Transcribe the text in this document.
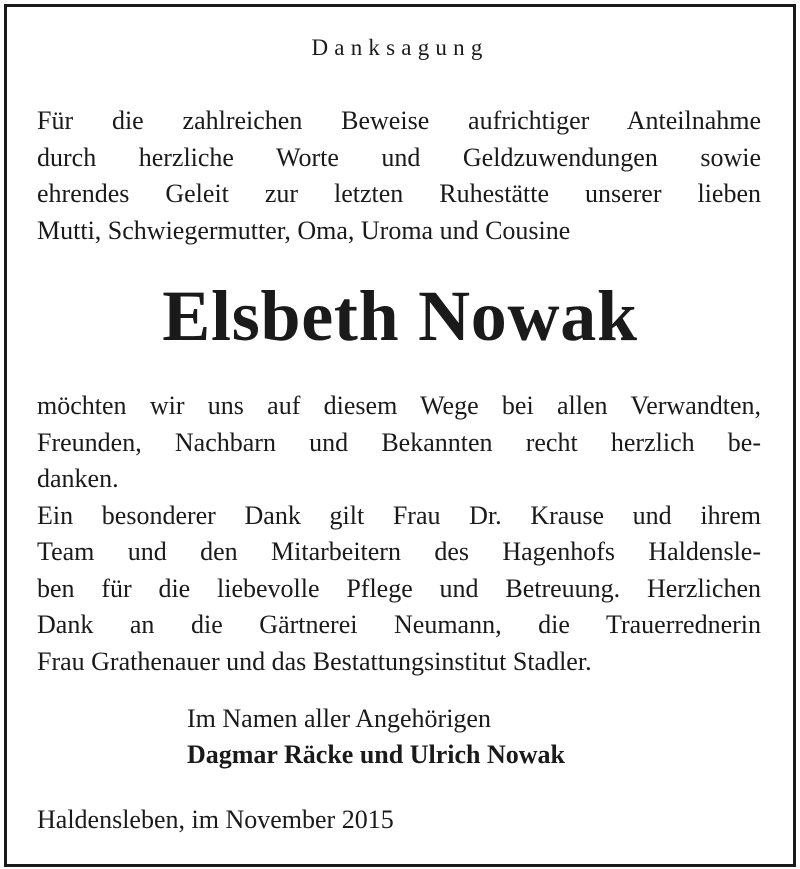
Danksagung
Für die zahlreichen Beweise aufrichtiger Anteilnahme
durch herzliche Worte und Geldzuwendungen sowie
ehrendes Geleit zur letzten Ruhestätte unserer lieben
Mutti, Schwiegermutter, Oma, Uroma und Cousine
Elsbeth Nowak
möchten wir uns auf diesem Wege bei allen Verwandten,
Freunden, Nachbarn und Bekannten recht herzlich be-
danken.
Ein besonderer Dank gilt Frau Dr. Krause und ihrem
Team und den Mitarbeitern des Hagenhofs Haldensle-
ben für die liebevolle Pflege und Betreuung. Herzlichen
Dank an die Gärtnerei Neumann, die Trauerrednerin
Frau Grathenauer und das Bestattungsinstitut Stadler.
Im Namen aller Angehörigen
Dagmar Räcke und Ulrich Nowak
Haldensleben, im November 2015
